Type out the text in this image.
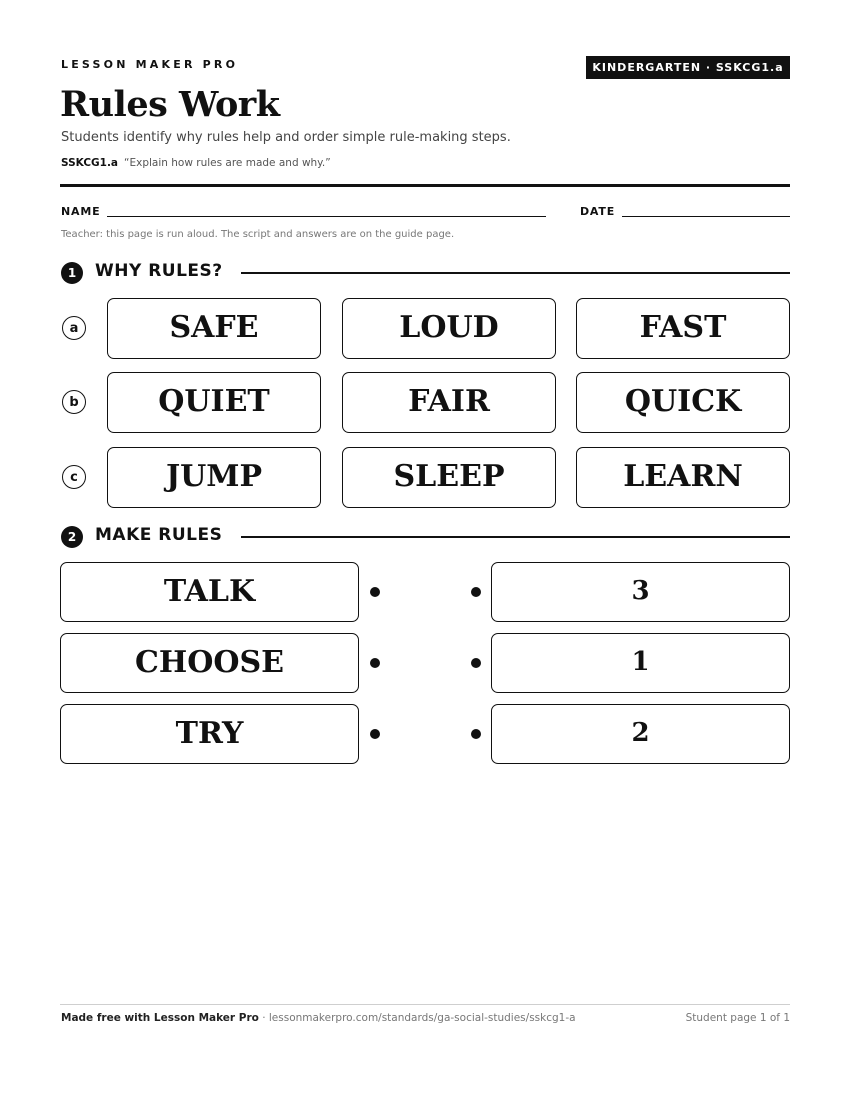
LESSON MAKER PRO	KINDERGARTEN · SSKCG1.a
Rules Work
Students identify why rules help and order simple rule-making steps.
SSKCG1.a “Explain how rules are made and why.”
NAME	DATE
Teacher: this page is run aloud. The script and answers are on the guide page.
1	WHY RULES?
a	SAFE	LOUD	FAST
b	QUIET	FAIR	QUICK
c	JUMP	SLEEP	LEARN
2	MAKE RULES
TALK	3
CHOOSE	1
TRY	2
Made free with Lesson Maker Pro · lessonmakerpro.com/standards/ga-social-studies/sskcg1-a	Student page 1 of 1
